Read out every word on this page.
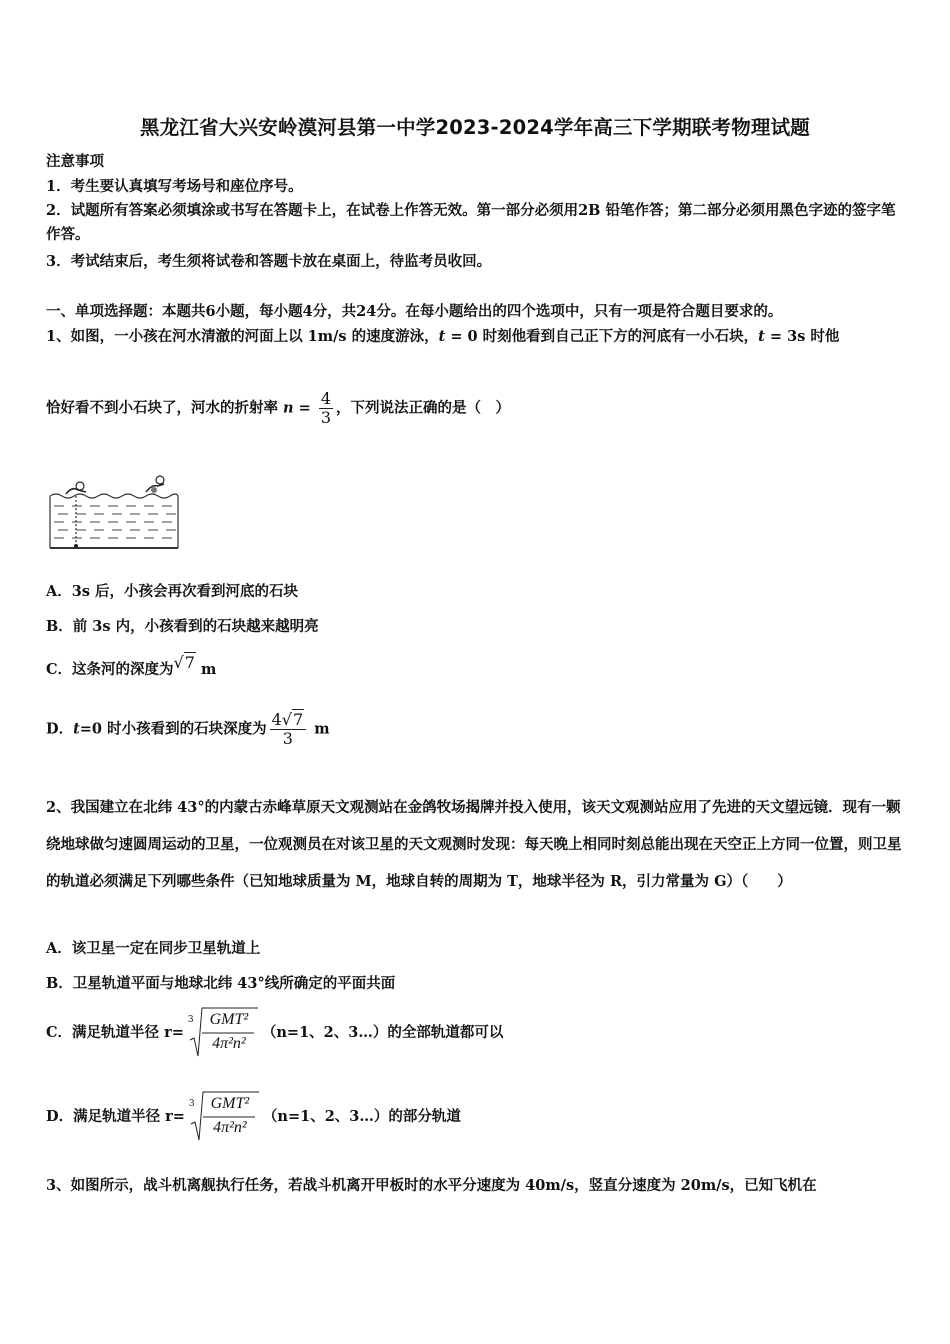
黑龙江省大兴安岭漠河县第一中学2023-2024学年高三下学期联考物理试题
注意事项
1．考生要认真填写考场号和座位序号。
2．试题所有答案必须填涂或书写在答题卡上，在试卷上作答无效。第一部分必须用2B 铅笔作答；第二部分必须用黑色字迹的签字笔作答。
3．考试结束后，考生须将试卷和答题卡放在桌面上，待监考员收回。
一、单项选择题：本题共6小题，每小题4分，共24分。在每小题给出的四个选项中，只有一项是符合题目要求的。
1、如图，一小孩在河水清澈的河面上以 1m/s 的速度游泳，t = 0 时刻他看到自己正下方的河底有一小石块，t = 3s 时他
恰好看不到小石块了，河水的折射率 $n = \frac{4}{3}$ ，下列说法正确的是（　）
A．3s 后，小孩会再次看到河底的石块
B．前 3s 内，小孩看到的石块越来越明亮
C．这条河的深度为√7 m
D．t=0 时小孩看到的石块深度为 $\frac{4√7}{3}$ m
2、我国建立在北纬 43°的内蒙古赤峰草原天文观测站在金鸽牧场揭牌并投入使用，该天文观测站应用了先进的天文望远镜．现有一颗绕地球做匀速圆周运动的卫星，一位观测员在对该卫星的天文观测时发现：每天晚上相同时刻总能出现在天空正上方同一位置，则卫星的轨道必须满足下列哪些条件（已知地球质量为 M，地球自转的周期为 T，地球半径为 R，引力常量为 G）（　　）
A．该卫星一定在同步卫星轨道上
B．卫星轨道平面与地球北纬 43°线所确定的平面共面
C．满足轨道半径 r=
3 GMT²
4π²n²
（n=1、2、3…）的全部轨道都可以
D．满足轨道半径 r=
3 GMT²
4π²n²
（n=1、2、3…）的部分轨道
3、如图所示，战斗机离舰执行任务，若战斗机离开甲板时的水平分速度为 40m/s，竖直分速度为 20m/s，已知飞机在
